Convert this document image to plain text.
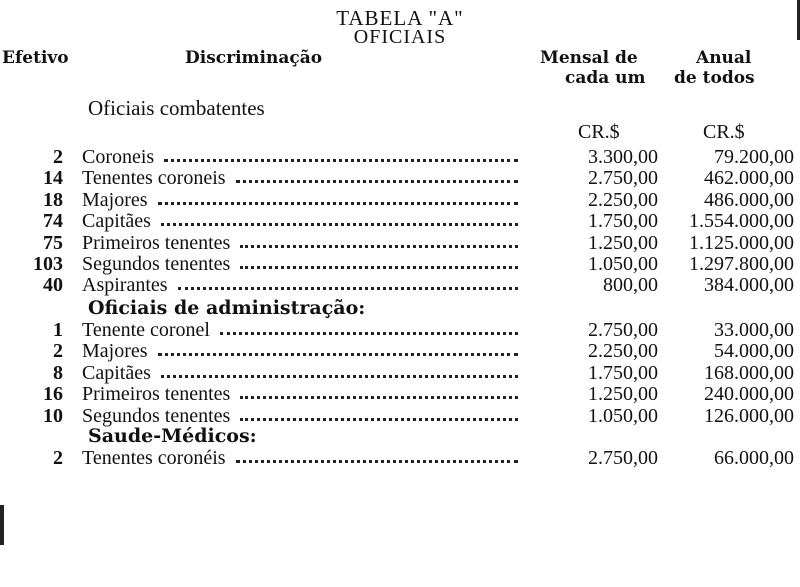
TABELA "A"
OFICIAIS
Efetivo	Discriminação	Mensal de
cada um
Anual
de todos
CR.$	CR.$
Oficiais combatentes
2 Coroneis	3.300,00	79.200,00
14 Tenentes coroneis	2.750,00 462.000,00
18 Majores	2.250,00 486.000,00
74 Capitães	1.750,00 1.554.000,00
75 Primeiros tenentes	1.250,00 1.125.000,00
103 Segundos tenentes	1.050,00 1.297.800,00
40 Aspirantes	800,00 384.000,00
Oficiais de administração:
1 Tenente coronel	2.750,00	33.000,00
2 Majores	2.250,00	54.000,00
8 Capitães	1.750,00 168.000,00
16 Primeiros tenentes	1.250,00 240.000,00
10 Segundos tenentes	1.050,00 126.000,00
Saude-Médicos:
2 Tenentes coronéis	2.750,00	66.000,00
